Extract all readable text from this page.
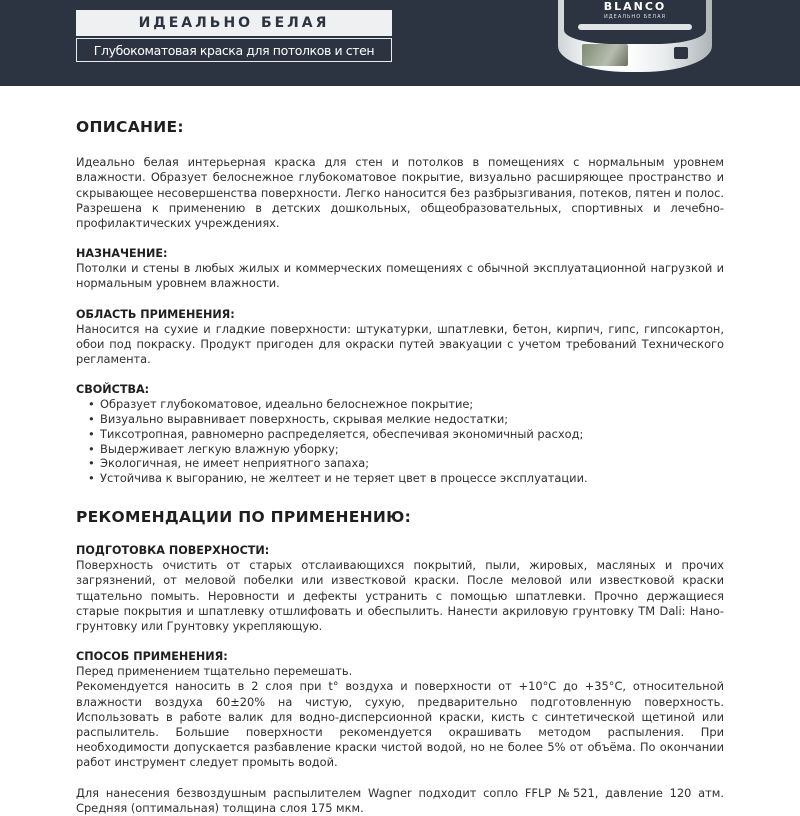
ИДЕАЛЬНО БЕЛАЯ
Глубокоматовая краска для потолков и стен
BLANCO
ИДЕАЛЬНО БЕЛАЯ
ОПИСАНИЕ:

Идеально белая интерьерная краска для стен и потолков в помещениях с нормальным уровнем влажности. Образует белоснежное глубокоматовое покрытие, визуально расширяющее пространство и скрывающее несовершенства поверхности. Легко наносится без разбрызгивания, потеков, пятен и полос. Разрешена к применению в детских дошкольных, общеобразовательных, спортивных и лечебно-профилактических учреждениях.

НАЗНАЧЕНИЕ:

Потолки и стены в любых жилых и коммерческих помещениях с обычной эксплуатационной нагрузкой и нормальным уровнем влажности.

ОБЛАСТЬ ПРИМЕНЕНИЯ:

Наносится на сухие и гладкие поверхности: штукатурки, шпатлевки, бетон, кирпич, гипс, гипсокартон, обои под покраску. Продукт пригоден для окраски путей эвакуации с учетом требований Технического регламента.

СВОЙСТВА:
• Образует глубокоматовое, идеально белоснежное покрытие;
• Визуально выравнивает поверхность, скрывая мелкие недостатки;
• Тиксотропная, равномерно распределяется, обеспечивая экономичный расход;
• Выдерживает легкую влажную уборку;
• Экологичная, не имеет неприятного запаха;
• Устойчива к выгоранию, не желтеет и не теряет цвет в процессе эксплуатации.
РЕКОМЕНДАЦИИ ПО ПРИМЕНЕНИЮ:
ПОДГОТОВКА ПОВЕРХНОСТИ:

Поверхность очистить от старых отслаивающихся покрытий, пыли, жировых, масляных и прочих загрязнений, от меловой побелки или известковой краски. После меловой или известковой краски тщательно помыть. Неровности и дефекты устранить с помощью шпатлевки. Прочно держащиеся старые покрытия и шпатлевку отшлифовать и обеспылить. Нанести акриловую грунтовку ТМ Dali: Нано-грунтовку или Грунтовку укрепляющую.

СПОСОБ ПРИМЕНЕНИЯ:

Перед применением тщательно перемешать.

Рекомендуется наносить в 2 слоя при t° воздуха и поверхности от +10°С до +35°С, относительной влажности воздуха 60±20% на чистую, сухую, предварительно подготовленную поверхность. Использовать в работе валик для водно-дисперсионной краски, кисть с синтетической щетиной или распылитель. Большие поверхности рекомендуется окрашивать методом распыления. При необходимости допускается разбавление краски чистой водой, но не более 5% от объёма. По окончании работ инструмент следует промыть водой.

Для нанесения безвоздушным распылителем Wagner подходит сопло FFLP №521, давление 120 атм. Средняя (оптимальная) толщина слоя 175 мкм.
